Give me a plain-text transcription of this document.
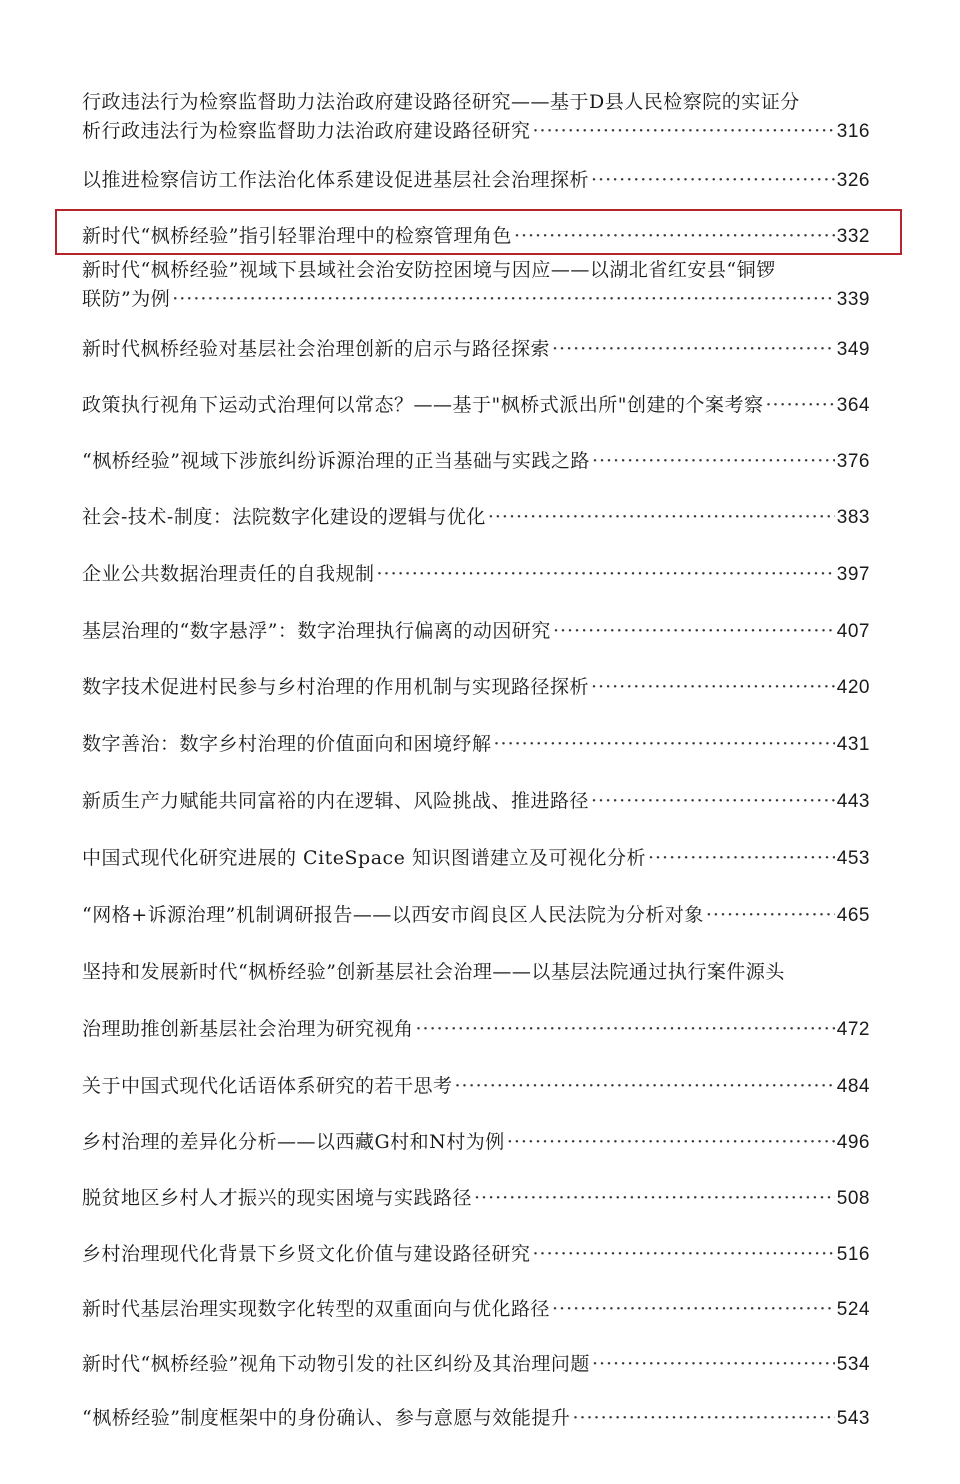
行政违法行为检察监督助力法治政府建设路径研究——基于D县人民检察院的实证分
析行政违法行为检察监督助力法治政府建设路径研究 ·····	316
以推进检察信访工作法治化体系建设促进基层社会治理探析 ·····	326
新时代“枫桥经验”指引轻罪治理中的检察管理角色 ·····	332
新时代“枫桥经验”视域下县域社会治安防控困境与因应——以湖北省红安县“铜锣
联防”为例 ·····	339
新时代枫桥经验对基层社会治理创新的启示与路径探索 ·····	349
政策执行视角下运动式治理何以常态？——基于"枫桥式派出所"创建的个案考察 ·····	364
“枫桥经验”视域下涉旅纠纷诉源治理的正当基础与实践之路 ·····	376
社会-技术-制度：法院数字化建设的逻辑与优化 ·····	383
企业公共数据治理责任的自我规制 ·····	397
基层治理的“数字悬浮”：数字治理执行偏离的动因研究 ·····	407
数字技术促进村民参与乡村治理的作用机制与实现路径探析 ·····	420
数字善治：数字乡村治理的价值面向和困境纾解 ·····	431
新质生产力赋能共同富裕的内在逻辑、风险挑战、推进路径 ·····	443
中国式现代化研究进展的 CiteSpace 知识图谱建立及可视化分析 ·····	453
“网格+诉源治理”机制调研报告——以西安市阎良区人民法院为分析对象 ·····	465
坚持和发展新时代“枫桥经验”创新基层社会治理——以基层法院通过执行案件源头
治理助推创新基层社会治理为研究视角 ·····	472
关于中国式现代化话语体系研究的若干思考 ·····	484
乡村治理的差异化分析——以西藏G村和N村为例 ·····	496
脱贫地区乡村人才振兴的现实困境与实践路径 ·····	508
乡村治理现代化背景下乡贤文化价值与建设路径研究 ·····	516
新时代基层治理实现数字化转型的双重面向与优化路径 ·····	524
新时代“枫桥经验”视角下动物引发的社区纠纷及其治理问题 ·····	534
“枫桥经验”制度框架中的身份确认、参与意愿与效能提升 ·····	543
